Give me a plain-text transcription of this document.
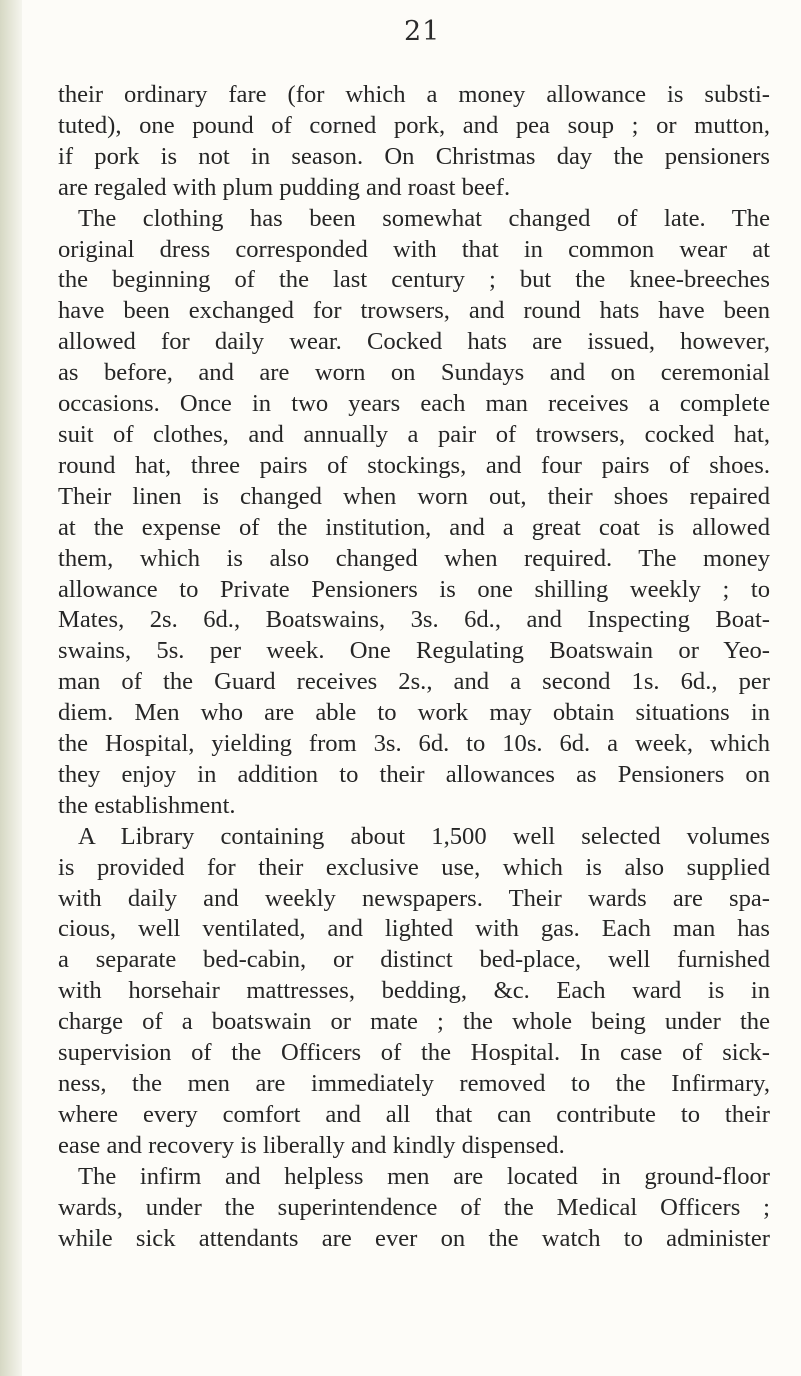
21

their ordinary fare (for which a money allowance is substi-
tuted), one pound of corned pork, and pea soup ; or mutton,
if pork is not in season. On Christmas day the pensioners
are regaled with plum pudding and roast beef.

The clothing has been somewhat changed of late. The
original dress corresponded with that in common wear at
the beginning of the last century ; but the knee-breeches
have been exchanged for trowsers, and round hats have been
allowed for daily wear. Cocked hats are issued, however,
as before, and are worn on Sundays and on ceremonial
occasions. Once in two years each man receives a complete
suit of clothes, and annually a pair of trowsers, cocked hat,
round hat, three pairs of stockings, and four pairs of shoes.
Their linen is changed when worn out, their shoes repaired
at the expense of the institution, and a great coat is allowed
them, which is also changed when required. The money
allowance to Private Pensioners is one shilling weekly ; to
Mates, 2s. 6d., Boatswains, 3s. 6d., and Inspecting Boat-
swains, 5s. per week. One Regulating Boatswain or Yeo-
man of the Guard receives 2s., and a second 1s. 6d., per
diem. Men who are able to work may obtain situations in
the Hospital, yielding from 3s. 6d. to 10s. 6d. a week, which
they enjoy in addition to their allowances as Pensioners on
the establishment.

A Library containing about 1,500 well selected volumes
is provided for their exclusive use, which is also supplied
with daily and weekly newspapers. Their wards are spa-
cious, well ventilated, and lighted with gas. Each man has
a separate bed-cabin, or distinct bed-place, well furnished
with horsehair mattresses, bedding, &c. Each ward is in
charge of a boatswain or mate ; the whole being under the
supervision of the Officers of the Hospital. In case of sick-
ness, the men are immediately removed to the Infirmary,
where every comfort and all that can contribute to their
ease and recovery is liberally and kindly dispensed.

The infirm and helpless men are located in ground-floor
wards, under the superintendence of the Medical Officers ;
while sick attendants are ever on the watch to administer
